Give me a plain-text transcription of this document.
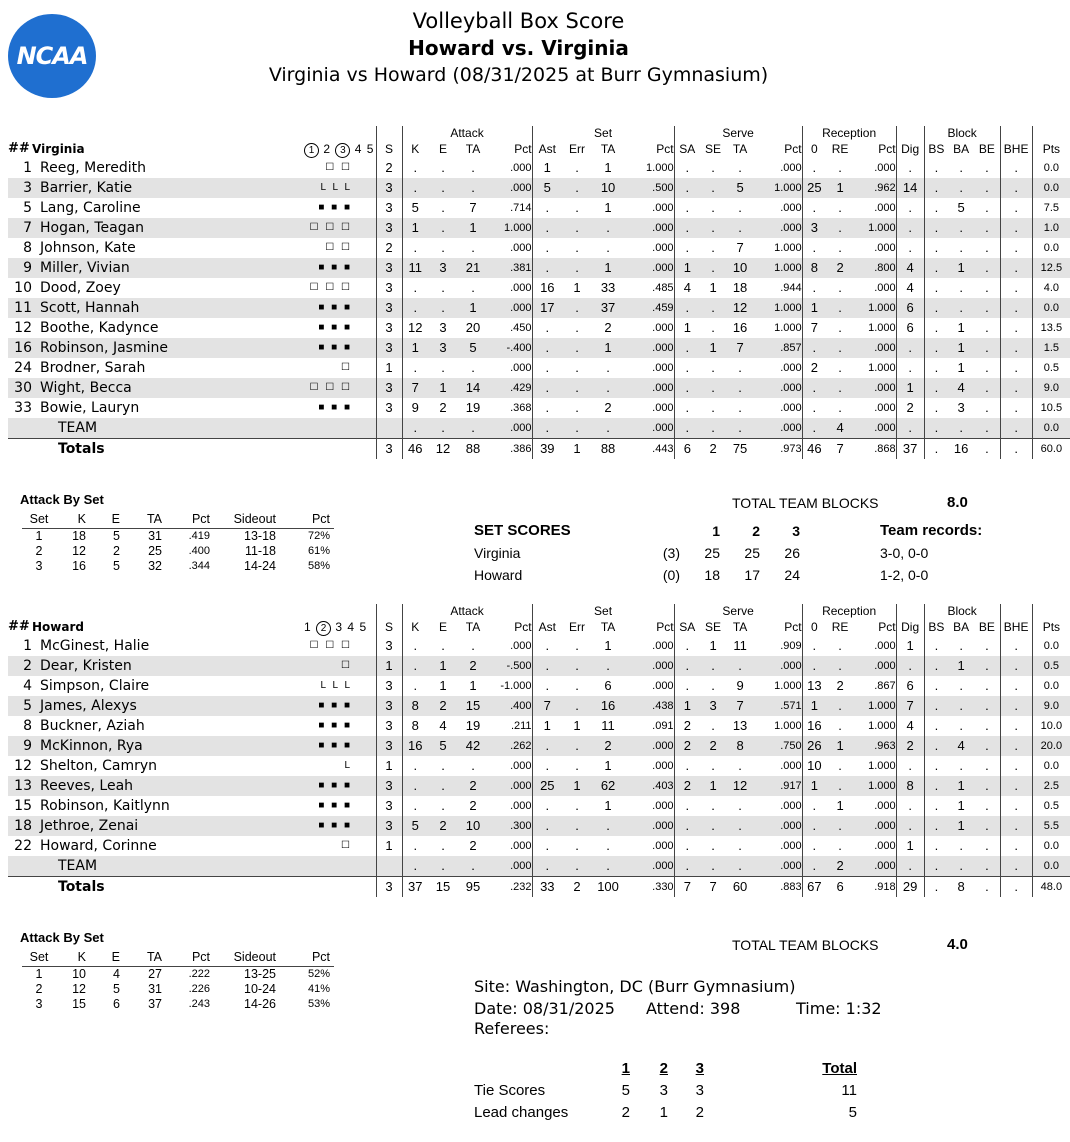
NCAA
Volleyball Box Score
Howard vs. Virginia
Virginia vs Howard (08/31/2025 at Burr Gymnasium)
					Attack				Set				Serve				Reception				Block				
##	Virginia	1 2 3 4 5		S	K	E	TA	Pct	Ast	Err	TA	Pct	SA	SE	TA	Pct	0	RE	Pct	Dig	BS	BA	BE	BHE	Pts
1	Reeg, Meredith	☐ ☐		2	.	.	.	.000	1	.	1	1.000	.	.	.	.000	.	.	.000	.	.	.	.	.	0.0
3	Barrier, Katie	L L L		3	.	.	.	.000	5	.	10	.500	.	.	5	1.000	25	1	.962	14	.	.	.	.	0.0
5	Lang, Caroline	■ ■ ■		3	5	.	7	.714	.	.	1	.000	.	.	.	.000	.	.	.000	.	.	5	.	.	7.5
7	Hogan, Teagan	☐ ☐ ☐		3	1	.	1	1.000	.	.	.	.000	.	.	.	.000	3	.	1.000	.	.	.	.	.	1.0
8	Johnson, Kate	☐ ☐		2	.	.	.	.000	.	.	.	.000	.	.	7	1.000	.	.	.000	.	.	.	.	.	0.0
9	Miller, Vivian	■ ■ ■		3	11	3	21	.381	.	.	1	.000	1	.	10	1.000	8	2	.800	4	.	1	.	.	12.5
10	Dood, Zoey	☐ ☐ ☐		3	.	.	.	.000	16	1	33	.485	4	1	18	.944	.	.	.000	4	.	.	.	.	4.0
11	Scott, Hannah	■ ■ ■		3	.	.	1	.000	17	.	37	.459	.	.	12	1.000	1	.	1.000	6	.	.	.	.	0.0
12	Boothe, Kadynce	■ ■ ■		3	12	3	20	.450	.	.	2	.000	1	.	16	1.000	7	.	1.000	6	.	1	.	.	13.5
16	Robinson, Jasmine	■ ■ ■		3	1	3	5	-.400	.	.	1	.000	.	1	7	.857	.	.	.000	.	.	1	.	.	1.5
24	Brodner, Sarah	☐		1	.	.	.	.000	.	.	.	.000	.	.	.	.000	2	.	1.000	.	.	1	.	.	0.5
30	Wight, Becca	☐ ☐ ☐		3	7	1	14	.429	.	.	.	.000	.	.	.	.000	.	.	.000	1	.	4	.	.	9.0
33	Bowie, Lauryn	■ ■ ■		3	9	2	19	.368	.	.	2	.000	.	.	.	.000	.	.	.000	2	.	3	.	.	10.5
	TEAM				.	.	.	.000	.	.	.	.000	.	.	.	.000	.	4	.000	.	.	.	.	.	0.0
	Totals			3	46	12	88	.386	39	1	88	.443	6	2	75	.973	46	7	.868	37	.	16	.	.	60.0
					Attack				Set				Serve				Reception				Block				
##	Howard	1 2 3 4 5		S	K	E	TA	Pct	Ast	Err	TA	Pct	SA	SE	TA	Pct	0	RE	Pct	Dig	BS	BA	BE	BHE	Pts
1	McGinest, Halie	☐ ☐ ☐		3	.	.	.	.000	.	.	1	.000	.	1	11	.909	.	.	.000	1	.	.	.	.	0.0
2	Dear, Kristen	☐		1	.	1	2	-.500	.	.	.	.000	.	.	.	.000	.	.	.000	.	.	1	.	.	0.5
4	Simpson, Claire	L L L		3	.	1	1	-1.000	.	.	6	.000	.	.	9	1.000	13	2	.867	6	.	.	.	.	0.0
5	James, Alexys	■ ■ ■		3	8	2	15	.400	7	.	16	.438	1	3	7	.571	1	.	1.000	7	.	.	.	.	9.0
8	Buckner, Aziah	■ ■ ■		3	8	4	19	.211	1	1	11	.091	2	.	13	1.000	16	.	1.000	4	.	.	.	.	10.0
9	McKinnon, Rya	■ ■ ■		3	16	5	42	.262	.	.	2	.000	2	2	8	.750	26	1	.963	2	.	4	.	.	20.0
12	Shelton, Camryn	L		1	.	.	.	.000	.	.	1	.000	.	.	.	.000	10	.	1.000	.	.	.	.	.	0.0
13	Reeves, Leah	■ ■ ■		3	.	.	2	.000	25	1	62	.403	2	1	12	.917	1	.	1.000	8	.	1	.	.	2.5
15	Robinson, Kaitlynn	■ ■ ■		3	.	.	2	.000	.	.	1	.000	.	.	.	.000	.	1	.000	.	.	1	.	.	0.5
18	Jethroe, Zenai	■ ■ ■		3	5	2	10	.300	.	.	.	.000	.	.	.	.000	.	.	.000	.	.	1	.	.	5.5
22	Howard, Corinne	☐		1	.	.	2	.000	.	.	.	.000	.	.	.	.000	.	.	.000	1	.	.	.	.	0.0
	TEAM				.	.	.	.000	.	.	.	.000	.	.	.	.000	.	2	.000	.	.	.	.	.	0.0
	Totals			3	37	15	95	.232	33	2	100	.330	7	7	60	.883	67	6	.918	29	.	8	.	.	48.0
Attack By Set
Set	K	E	TA	Pct	Sideout	Pct
1	18	5	31	.419	13-18	72%
2	12	2	25	.400	11-18	61%
3	16	5	32	.344	14-24	58%
Attack By Set
Set	K	E	TA	Pct	Sideout	Pct
1	10	4	27	.222	13-25	52%
2	12	5	31	.226	10-24	41%
3	15	6	37	.243	14-26	53%
TOTAL TEAM BLOCKS	8.0
TOTAL TEAM BLOCKS	4.0
SET SCORES		1	2	3		Team records:
Virginia	(3)	25	25	26		3-0, 0-0
Howard	(0)	18	17	24		1-2, 0-0
Site: Washington, DC (Burr Gymnasium)
Date: 08/31/2025 Attend: 398	Time: 1:32
Referees:
	1	2	3	Total
Tie Scores	5	3	3	11
Lead changes	2	1	2	5
